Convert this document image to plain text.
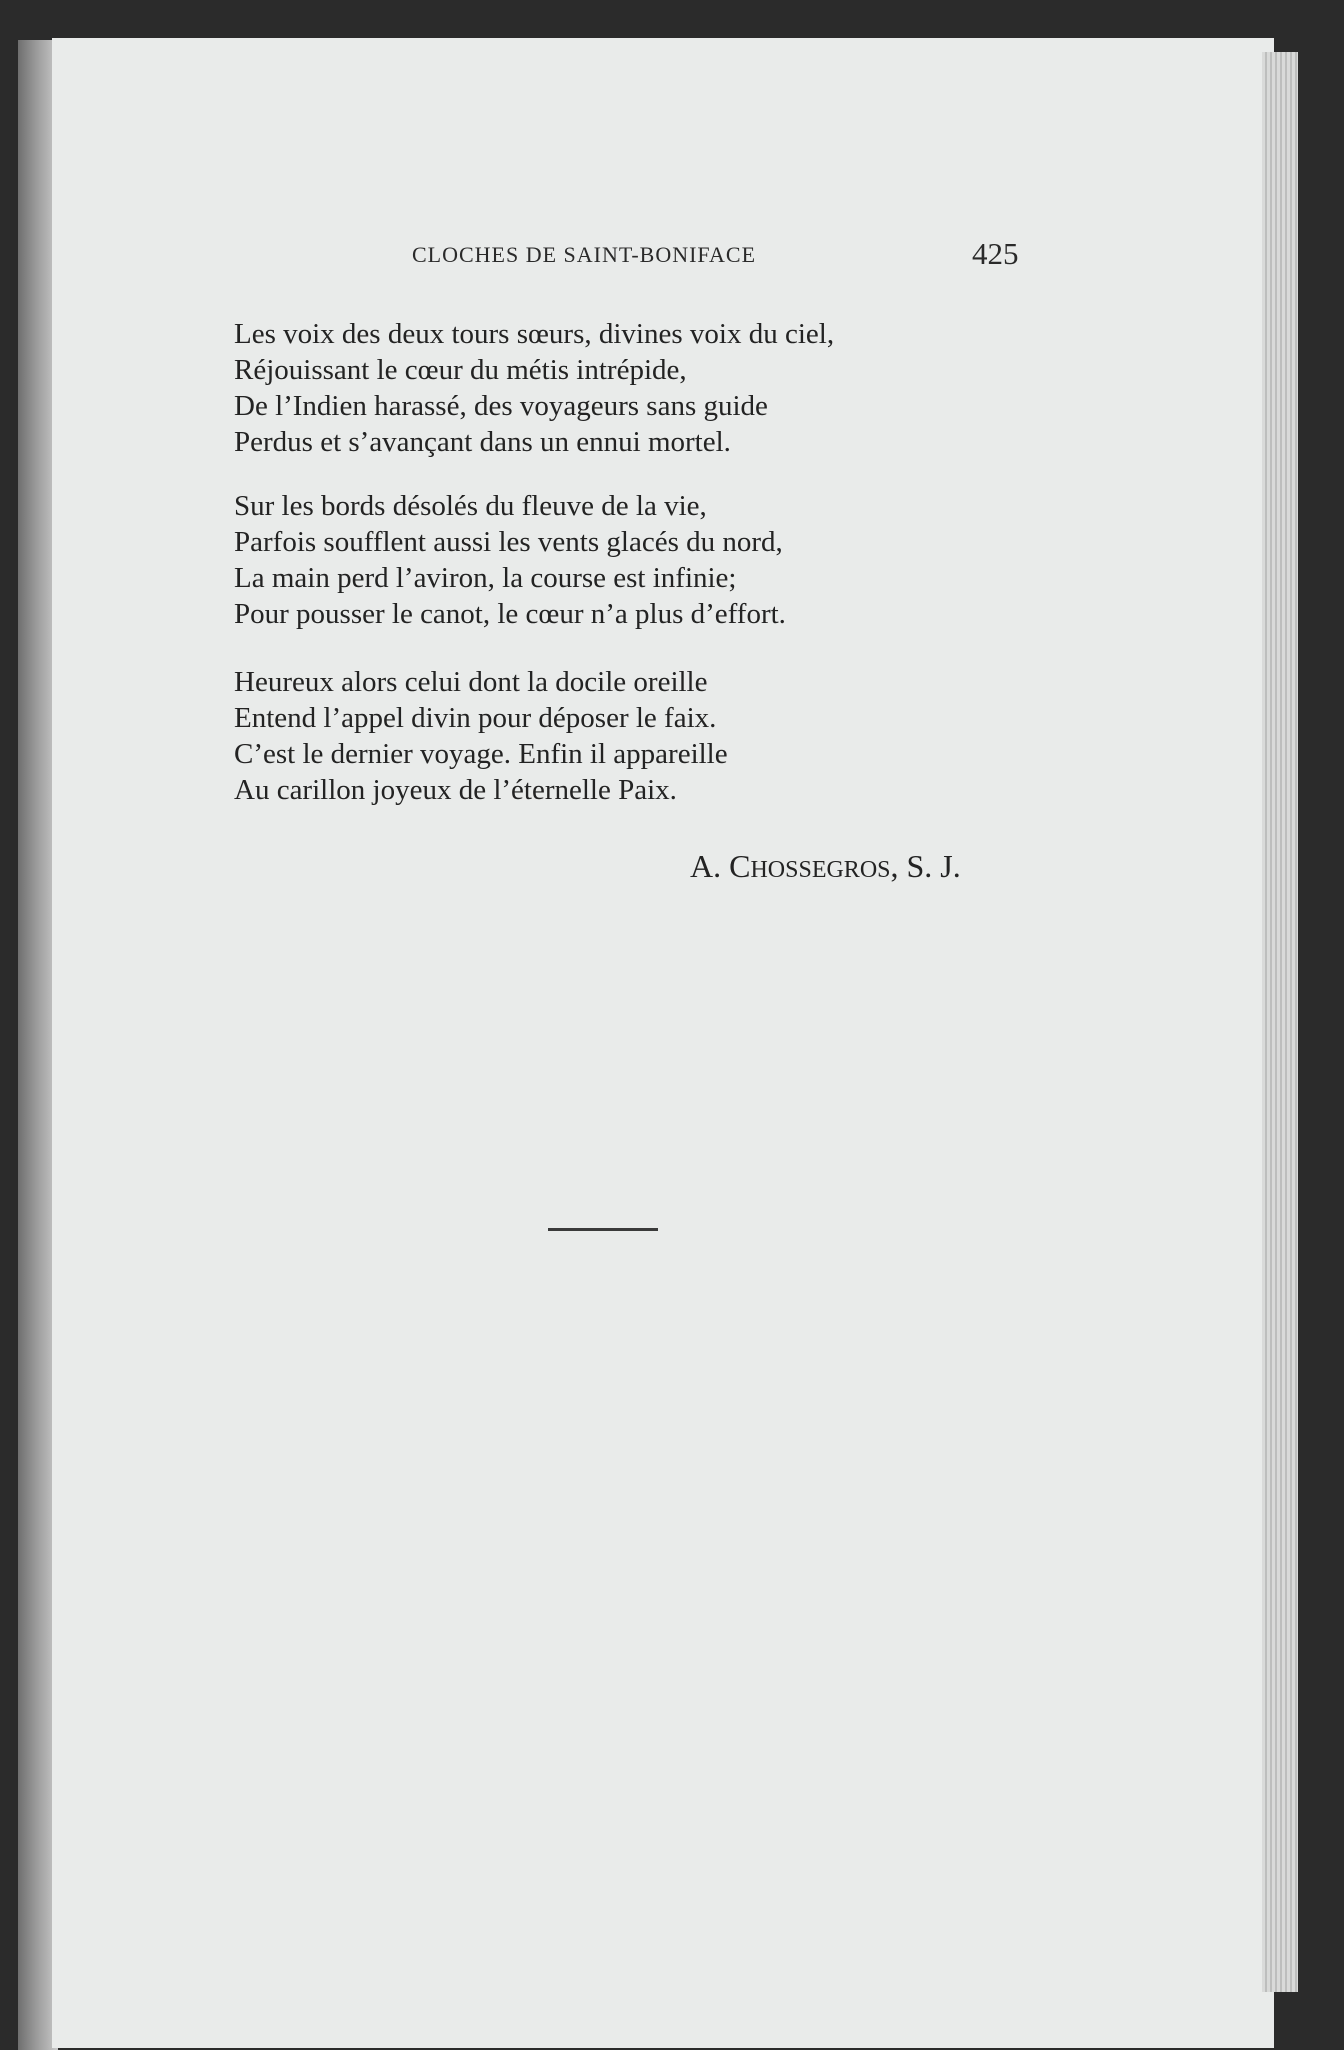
CLOCHES DE SAINT-BONIFACE	425
Les voix des deux tours sœurs, divines voix du ciel,
Réjouissant le cœur du métis intrépide,
De l’Indien harassé, des voyageurs sans guide
Perdus et s’avançant dans un ennui mortel.
Sur les bords désolés du fleuve de la vie,
Parfois soufflent aussi les vents glacés du nord,
La main perd l’aviron, la course est infinie;
Pour pousser le canot, le cœur n’a plus d’effort.
Heureux alors celui dont la docile oreille
Entend l’appel divin pour déposer le faix.
C’est le dernier voyage. Enfin il appareille
Au carillon joyeux de l’éternelle Paix.
A. CHOSSEGROS, S. J.
